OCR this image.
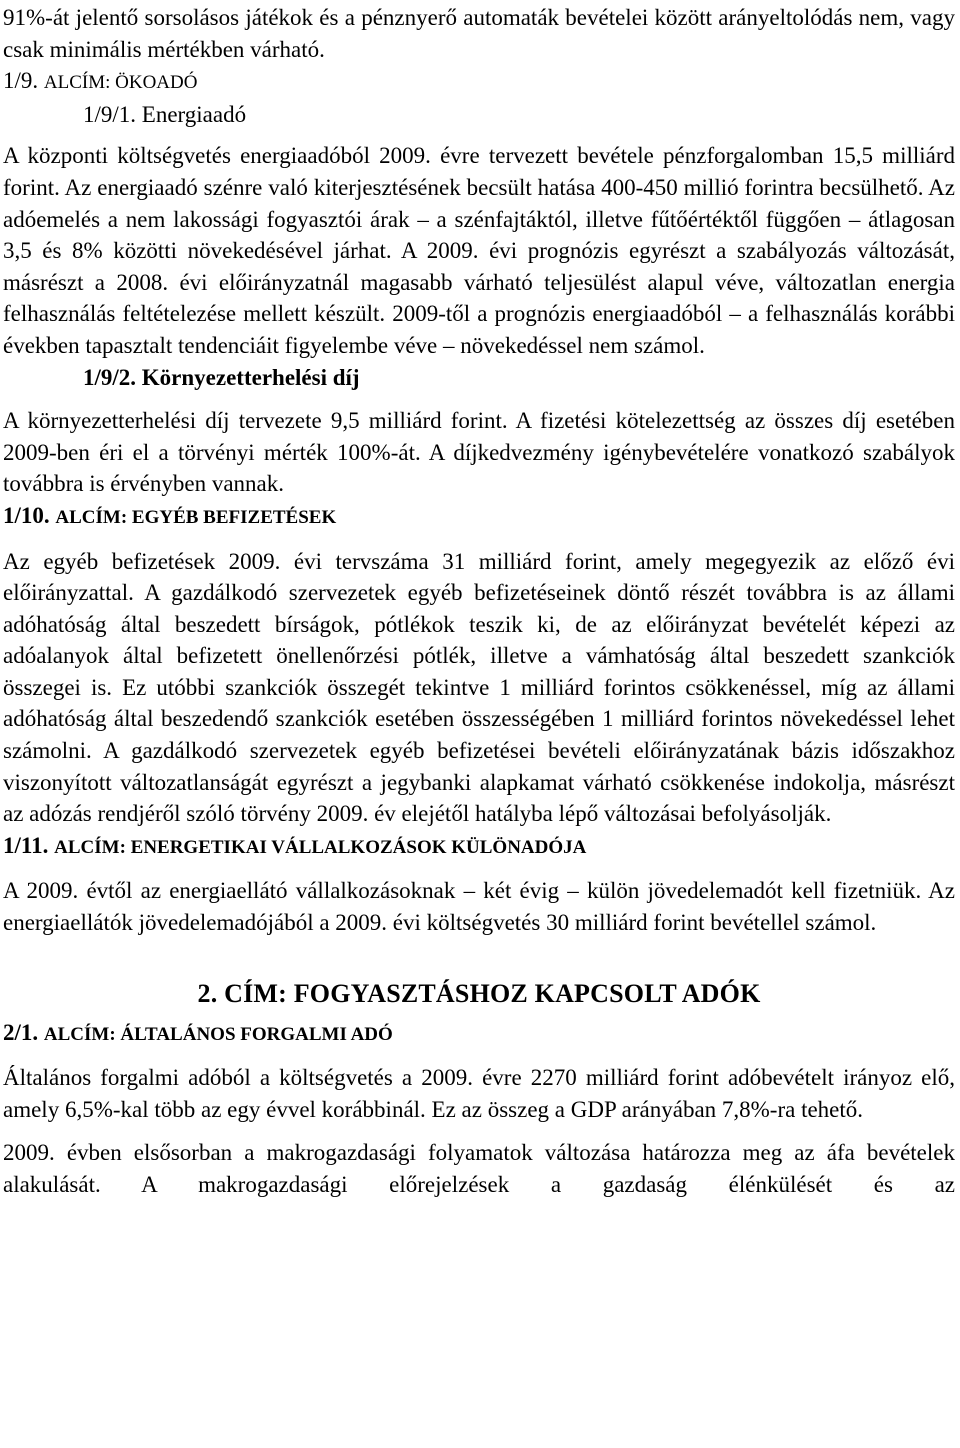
91%-át jelentő sorsolásos játékok és a pénznyerő automaták bevételei között arányeltolódás nem, vagy csak minimális mértékben várható.

1/9. ALCÍM: ÖKOADÓ

1/9/1. Energiaadó

A központi költségvetés energiaadóból 2009. évre tervezett bevétele pénzforgalomban 15,5 milliárd forint. Az energiaadó szénre való kiterjesztésének becsült hatása 400-450 millió forintra becsülhető. Az adóemelés a nem lakossági fogyasztói árak – a szénfajtáktól, illetve fűtőértéktől függően – átlagosan 3,5 és 8% közötti növekedésével járhat. A 2009. évi prognózis egyrészt a szabályozás változását, másrészt a 2008. évi előirányzatnál magasabb várható teljesülést alapul véve, változatlan energia felhasználás feltételezése mellett készült. 2009-től a prognózis energiaadóból – a felhasználás korábbi években tapasztalt tendenciáit figyelembe véve – növekedéssel nem számol.

1/9/2. Környezetterhelési díj

A környezetterhelési díj tervezete 9,5 milliárd forint. A fizetési kötelezettség az összes díj esetében 2009-ben éri el a törvényi mérték 100%-át. A díjkedvezmény igénybevételére vonatkozó szabályok továbbra is érvényben vannak.

1/10. ALCÍM: EGYÉB BEFIZETÉSEK

Az egyéb befizetések 2009. évi tervszáma 31 milliárd forint, amely megegyezik az előző évi előirányzattal. A gazdálkodó szervezetek egyéb befizetéseinek döntő részét továbbra is az állami adóhatóság által beszedett bírságok, pótlékok teszik ki, de az előirányzat bevételét képezi az adóalanyok által befizetett önellenőrzési pótlék, illetve a vámhatóság által beszedett szankciók összegei is. Ez utóbbi szankciók összegét tekintve 1 milliárd forintos csökkenéssel, míg az állami adóhatóság által beszedendő szankciók esetében összességében 1 milliárd forintos növekedéssel lehet számolni. A gazdálkodó szervezetek egyéb befizetései bevételi előirányzatának bázis időszakhoz viszonyított változatlanságát egyrészt a jegybanki alapkamat várható csökkenése indokolja, másrészt az adózás rendjéről szóló törvény 2009. év elejétől hatályba lépő változásai befolyásolják.

1/11. ALCÍM: ENERGETIKAI VÁLLALKOZÁSOK KÜLÖNADÓJA

A 2009. évtől az energiaellátó vállalkozásoknak – két évig – külön jövedelemadót kell fizetniük. Az energiaellátók jövedelemadójából a 2009. évi költségvetés 30 milliárd forint bevétellel számol.

2. CÍM: FOGYASZTÁSHOZ KAPCSOLT ADÓK

2/1. ALCÍM: ÁLTALÁNOS FORGALMI ADÓ

Általános forgalmi adóból a költségvetés a 2009. évre 2270 milliárd forint adóbevételt irányoz elő, amely 6,5%-kal több az egy évvel korábbinál. Ez az összeg a GDP arányában 7,8%-ra tehető.

2009. évben elsősorban a makrogazdasági folyamatok változása határozza meg az áfa bevételek alakulását. A makrogazdasági előrejelzések a gazdaság élénkülését és az
